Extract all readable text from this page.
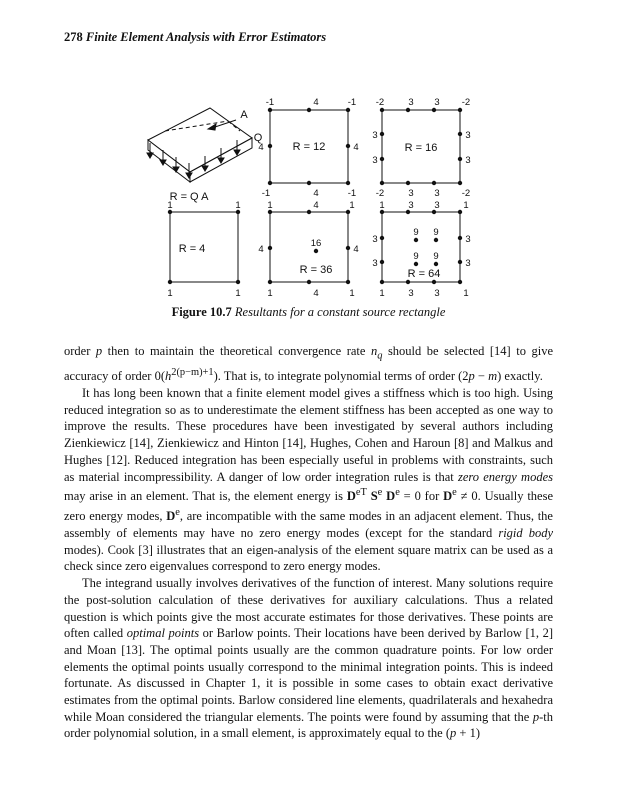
278 Finite Element Analysis with Error Estimators
A
Q
R = Q A
-1	4	-1
-1	4	-1
4	4
R = 12
-2	3 3 -2
-2	3 3 -2
3
3
3
3
R = 16
1	1
1	1
R = 4
1	4	1
1	4	1
4	4
16
R = 36
1 3 3 1
1 3 3 1
3
3
3
3
9 9
9 9
R = 64
Figure 10.7 Resultants for a constant source rectangle

order p then to maintain the theoretical convergence rate $n_q$ should be selected [14] to give accuracy of order $0(h^{2(p-m)+1})$. That is, to integrate polynomial terms of order (2p − m) exactly.

It has long been known that a finite element model gives a stiffness which is too high. Using reduced integration so as to underestimate the element stiffness has been accepted as one way to improve the results. These procedures have been investigated by several authors including Zienkiewicz [14], Zienkiewicz and Hinton [14], Hughes, Cohen and Haroun [8] and Malkus and Hughes [12]. Reduced integration has been especially useful in problems with constraints, such as material incompressibility. A danger of low order integration rules is that zero energy modes may arise in an element. That is, the element energy is $D^{eT}$ $S^e$ $D^e = 0$ for $D^e \ne 0$. Usually these zero energy modes, De, are incompatible with the same modes in an adjacent element. Thus, the assembly of elements may have no zero energy modes (except for the standard rigid body modes). Cook [3] illustrates that an eigen-analysis of the element square matrix can be used as a check since zero eigenvalues correspond to zero energy modes.

The integrand usually involves derivatives of the function of interest. Many solutions require the post-solution calculation of these derivatives for auxiliary calculations. Thus a related question is which points give the most accurate estimates for those derivatives. These points are often called optimal points or Barlow points. Their locations have been derived by Barlow [1, 2] and Moan [13]. The optimal points usually are the common quadrature points. For low order elements the optimal points usually correspond to the minimal integration points. This is indeed fortunate. As discussed in Chapter 1, it is possible in some cases to obtain exact derivative estimates from the optimal points. Barlow considered line elements, quadrilaterals and hexahedra while Moan considered the triangular elements. The points were found by assuming that the p-th order polynomial solution, in a small element, is approximately equal to the (p + 1)
